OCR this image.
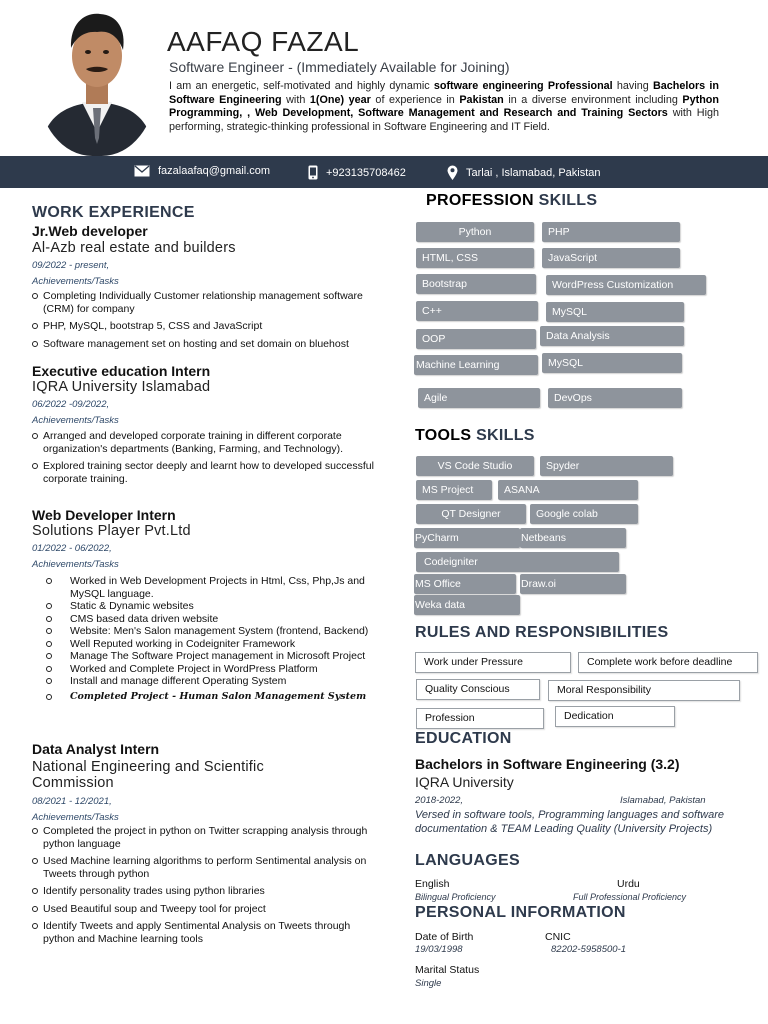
AAFAQ FAZAL
Software Engineer - (Immediately Available for Joining)
I am an energetic, self-motivated and highly dynamic software engineering Professional having Bachelors in Software Engineering with 1(One) year of experience in Pakistan in a diverse environment including Python Programming, , Web Development, Software Management and Research and Training Sectors with High performing, strategic-thinking professional in Software Engineering and IT Field.
fazalaafaq@gmail.com	+923135708462	Tarlai , Islamabad, Pakistan
WORK EXPERIENCE
Jr.Web developer
Al-Azb real estate and builders
09/2022 - present,
Achievements/Tasks
Completing Individually Customer relationship management software (CRM) for company
PHP, MySQL, bootstrap 5, CSS and JavaScript
Software management set on hosting and set domain on bluehost
Executive education Intern
IQRA University Islamabad
06/2022 -09/2022,
Achievements/Tasks
Arranged and developed corporate training in different corporate organization's departments (Banking, Farming, and Technology).
Explored training sector deeply and learnt how to developed successful corporate training.
Web Developer Intern
Solutions Player Pvt.Ltd
01/2022 - 06/2022,
Achievements/Tasks
Worked in Web Development Projects in Html, Css, Php,Js and MySQL language.
Static & Dynamic websites
CMS based data driven website
Website: Men's Salon management System (frontend, Backend)
Well Reputed working in Codeigniter Framework
Manage The Software Project management in Microsoft Project
Worked and Complete Project in WordPress Platform
Install and manage different Operating System
Completed Project - Human Salon Management System
Data Analyst Intern
National Engineering and Scientific Commission
08/2021 - 12/2021,
Achievements/Tasks
Completed the project in python on Twitter scrapping analysis through python language
Used Machine learning algorithms to perform Sentimental analysis on Tweets through python
Identify personality trades using python libraries
Used Beautiful soup and Tweepy tool for project
Identify Tweets and apply Sentimental Analysis on Tweets through python and Machine learning tools
PROFESSION SKILLS
Python	PHP
HTML, CSS	JavaScript
Bootstrap	WordPress Customization
C++	MySQL
OOP	Data Analysis
Machine Learning	MySQL
Agile	DevOps
TOOLS SKILLS
VS Code Studio	Spyder
MS Project	ASANA
QT Designer	Google colab
PyCharm	Netbeans
Codeigniter
MS Office	Draw.oi
Weka data
RULES AND RESPONSIBILITIES
Work under Pressure	Complete work before deadline
Quality Conscious	Moral Responsibility
Profession	Dedication
EDUCATION
Bachelors in Software Engineering (3.2)
IQRA University
2018-2022,	Islamabad, Pakistan
Versed in software tools, Programming languages and software documentation & TEAM Leading Quality (University Projects)
LANGUAGES
English
Bilingual Proficiency
Urdu
Full Professional Proficiency
PERSONAL INFORMATION
Date of Birth
19/03/1998
CNIC
82202-5958500-1
Marital Status
Single
